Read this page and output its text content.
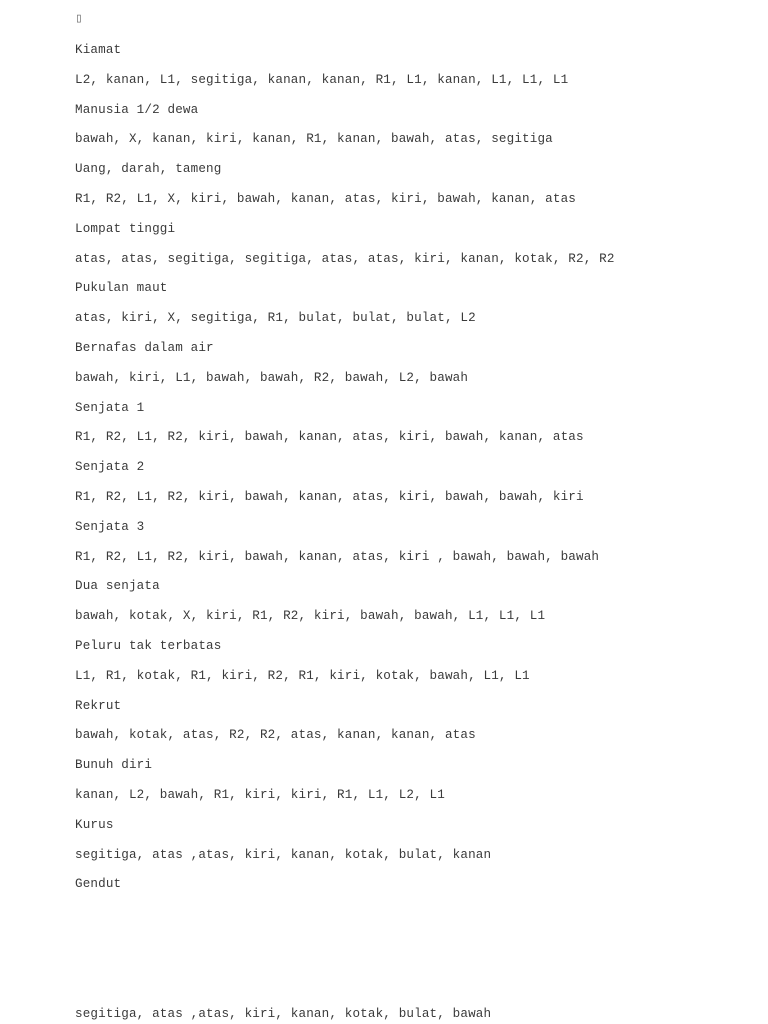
▯
Kiamat
L2, kanan, L1, segitiga, kanan, kanan, R1, L1, kanan, L1, L1, L1
Manusia 1/2 dewa
bawah, X, kanan, kiri, kanan, R1, kanan, bawah, atas, segitiga
Uang, darah, tameng
R1, R2, L1, X, kiri, bawah, kanan, atas, kiri, bawah, kanan, atas
Lompat tinggi
atas, atas, segitiga, segitiga, atas, atas, kiri, kanan, kotak, R2, R2
Pukulan maut
atas, kiri, X, segitiga, R1, bulat, bulat, bulat, L2
Bernafas dalam air
bawah, kiri, L1, bawah, bawah, R2, bawah, L2, bawah
Senjata 1
R1, R2, L1, R2, kiri, bawah, kanan, atas, kiri, bawah, kanan, atas
Senjata 2
R1, R2, L1, R2, kiri, bawah, kanan, atas, kiri, bawah, bawah, kiri
Senjata 3
R1, R2, L1, R2, kiri, bawah, kanan, atas, kiri , bawah, bawah, bawah
Dua senjata
bawah, kotak, X, kiri, R1, R2, kiri, bawah, bawah, L1, L1, L1
Peluru tak terbatas
L1, R1, kotak, R1, kiri, R2, R1, kiri, kotak, bawah, L1, L1
Rekrut
bawah, kotak, atas, R2, R2, atas, kanan, kanan, atas
Bunuh diri
kanan, L2, bawah, R1, kiri, kiri, R1, L1, L2, L1
Kurus
segitiga, atas ,atas, kiri, kanan, kotak, bulat, kanan
Gendut
segitiga, atas ,atas, kiri, kanan, kotak, bulat, bawah
